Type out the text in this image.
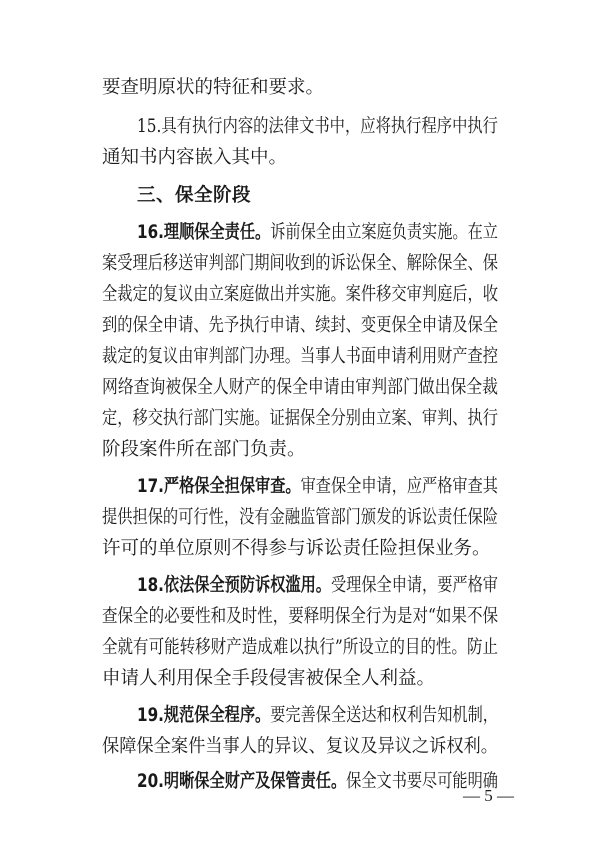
要查明原状的特征和要求。
15.具有执行内容的法律文书中，应将执行程序中执行
通知书内容嵌入其中。
三、保全阶段
16.理顺保全责任。诉前保全由立案庭负责实施。在立
案受理后移送审判部门期间收到的诉讼保全、解除保全、保
全裁定的复议由立案庭做出并实施。案件移交审判庭后，收
到的保全申请、先予执行申请、续封、变更保全申请及保全
裁定的复议由审判部门办理。当事人书面申请利用财产查控
网络查询被保全人财产的保全申请由审判部门做出保全裁
定，移交执行部门实施。证据保全分别由立案、审判、执行
阶段案件所在部门负责。
17.严格保全担保审查。审查保全申请，应严格审查其
提供担保的可行性，没有金融监管部门颁发的诉讼责任保险
许可的单位原则不得参与诉讼责任险担保业务。
18.依法保全预防诉权滥用。受理保全申请，要严格审
查保全的必要性和及时性，要释明保全行为是对“如果不保
全就有可能转移财产造成难以执行”所设立的目的性。防止
申请人利用保全手段侵害被保全人利益。
19.规范保全程序。要完善保全送达和权利告知机制，
保障保全案件当事人的异议、复议及异议之诉权利。
20.明晰保全财产及保管责任。保全文书要尽可能明确
— 5 —
